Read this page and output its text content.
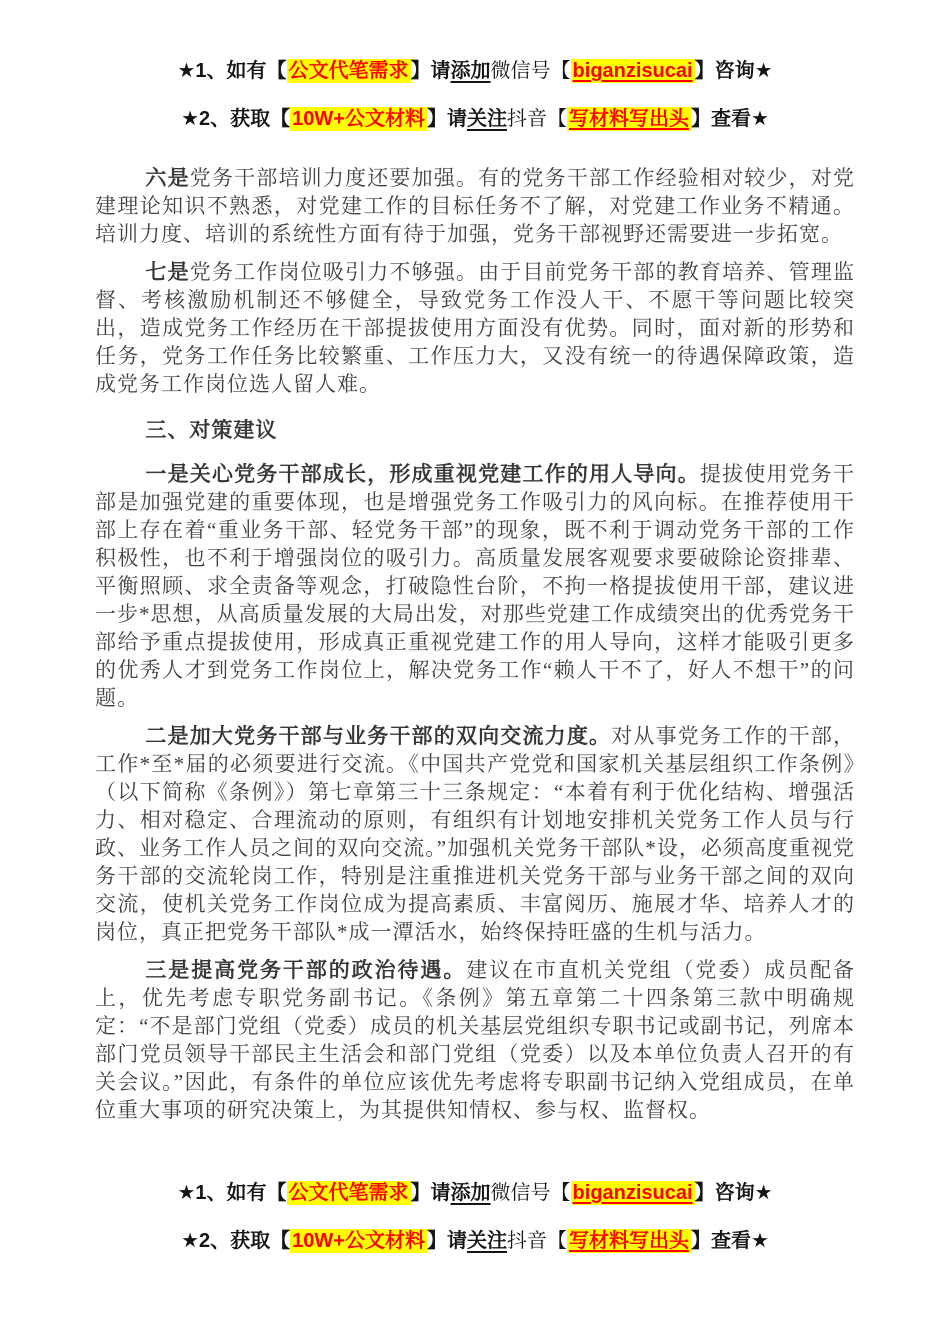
★1、如有【 公文代笔需求 】请添加微信号【 biganzisucai 】咨询★
★2、获取【 10W+公文材料 】请关注抖音【 写材料写出头 】查看★

六是党务干部培训力度还要加强。有的党务干部工作经验相对较少，对党建理论知识不熟悉，对党建工作的目标任务不了解，对党建工作业务不精通。培训力度、培训的系统性方面有待于加强，党务干部视野还需要进一步拓宽。

七是党务工作岗位吸引力不够强。由于目前党务干部的教育培养、管理监督、考核激励机制还不够健全，导致党务工作没人干、不愿干等问题比较突出，造成党务工作经历在干部提拔使用方面没有优势。同时，面对新的形势和任务，党务工作任务比较繁重、工作压力大，又没有统一的待遇保障政策，造成党务工作岗位选人留人难。

三、对策建议

一是关心党务干部成长，形成重视党建工作的用人导向。提拔使用党务干部是加强党建的重要体现，也是增强党务工作吸引力的风向标。在推荐使用干部上存在着“重业务干部、轻党务干部”的现象，既不利于调动党务干部的工作积极性，也不利于增强岗位的吸引力。高质量发展客观要求要破除论资排辈、平衡照顾、求全责备等观念，打破隐性台阶，不拘一格提拔使用干部，建议进一步*思想，从高质量发展的大局出发，对那些党建工作成绩突出的优秀党务干部给予重点提拔使用，形成真正重视党建工作的用人导向，这样才能吸引更多的优秀人才到党务工作岗位上，解决党务工作“赖人干不了，好人不想干”的问题。

二是加大党务干部与业务干部的双向交流力度。对从事党务工作的干部，工作*至*届的必须要进行交流。《中国共产党党和国家机关基层组织工作条例》（以下简称《条例》）第七章第三十三条规定：“本着有利于优化结构、增强活力、相对稳定、合理流动的原则，有组织有计划地安排机关党务工作人员与行政、业务工作人员之间的双向交流。”加强机关党务干部队*设，必须高度重视党务干部的交流轮岗工作，特别是注重推进机关党务干部与业务干部之间的双向交流，使机关党务工作岗位成为提高素质、丰富阅历、施展才华、培养人才的岗位，真正把党务干部队*成一潭活水，始终保持旺盛的生机与活力。

三是提高党务干部的政治待遇。建议在市直机关党组（党委）成员配备上，优先考虑专职党务副书记。《条例》第五章第二十四条第三款中明确规定：“不是部门党组（党委）成员的机关基层党组织专职书记或副书记，列席本部门党员领导干部民主生活会和部门党组（党委）以及本单位负责人召开的有关会议。”因此，有条件的单位应该优先考虑将专职副书记纳入党组成员，在单位重大事项的研究决策上，为其提供知情权、参与权、监督权。

★1、如有【 公文代笔需求 】请添加微信号【 biganzisucai 】咨询★
★2、获取【 10W+公文材料 】请关注抖音【 写材料写出头 】查看★
